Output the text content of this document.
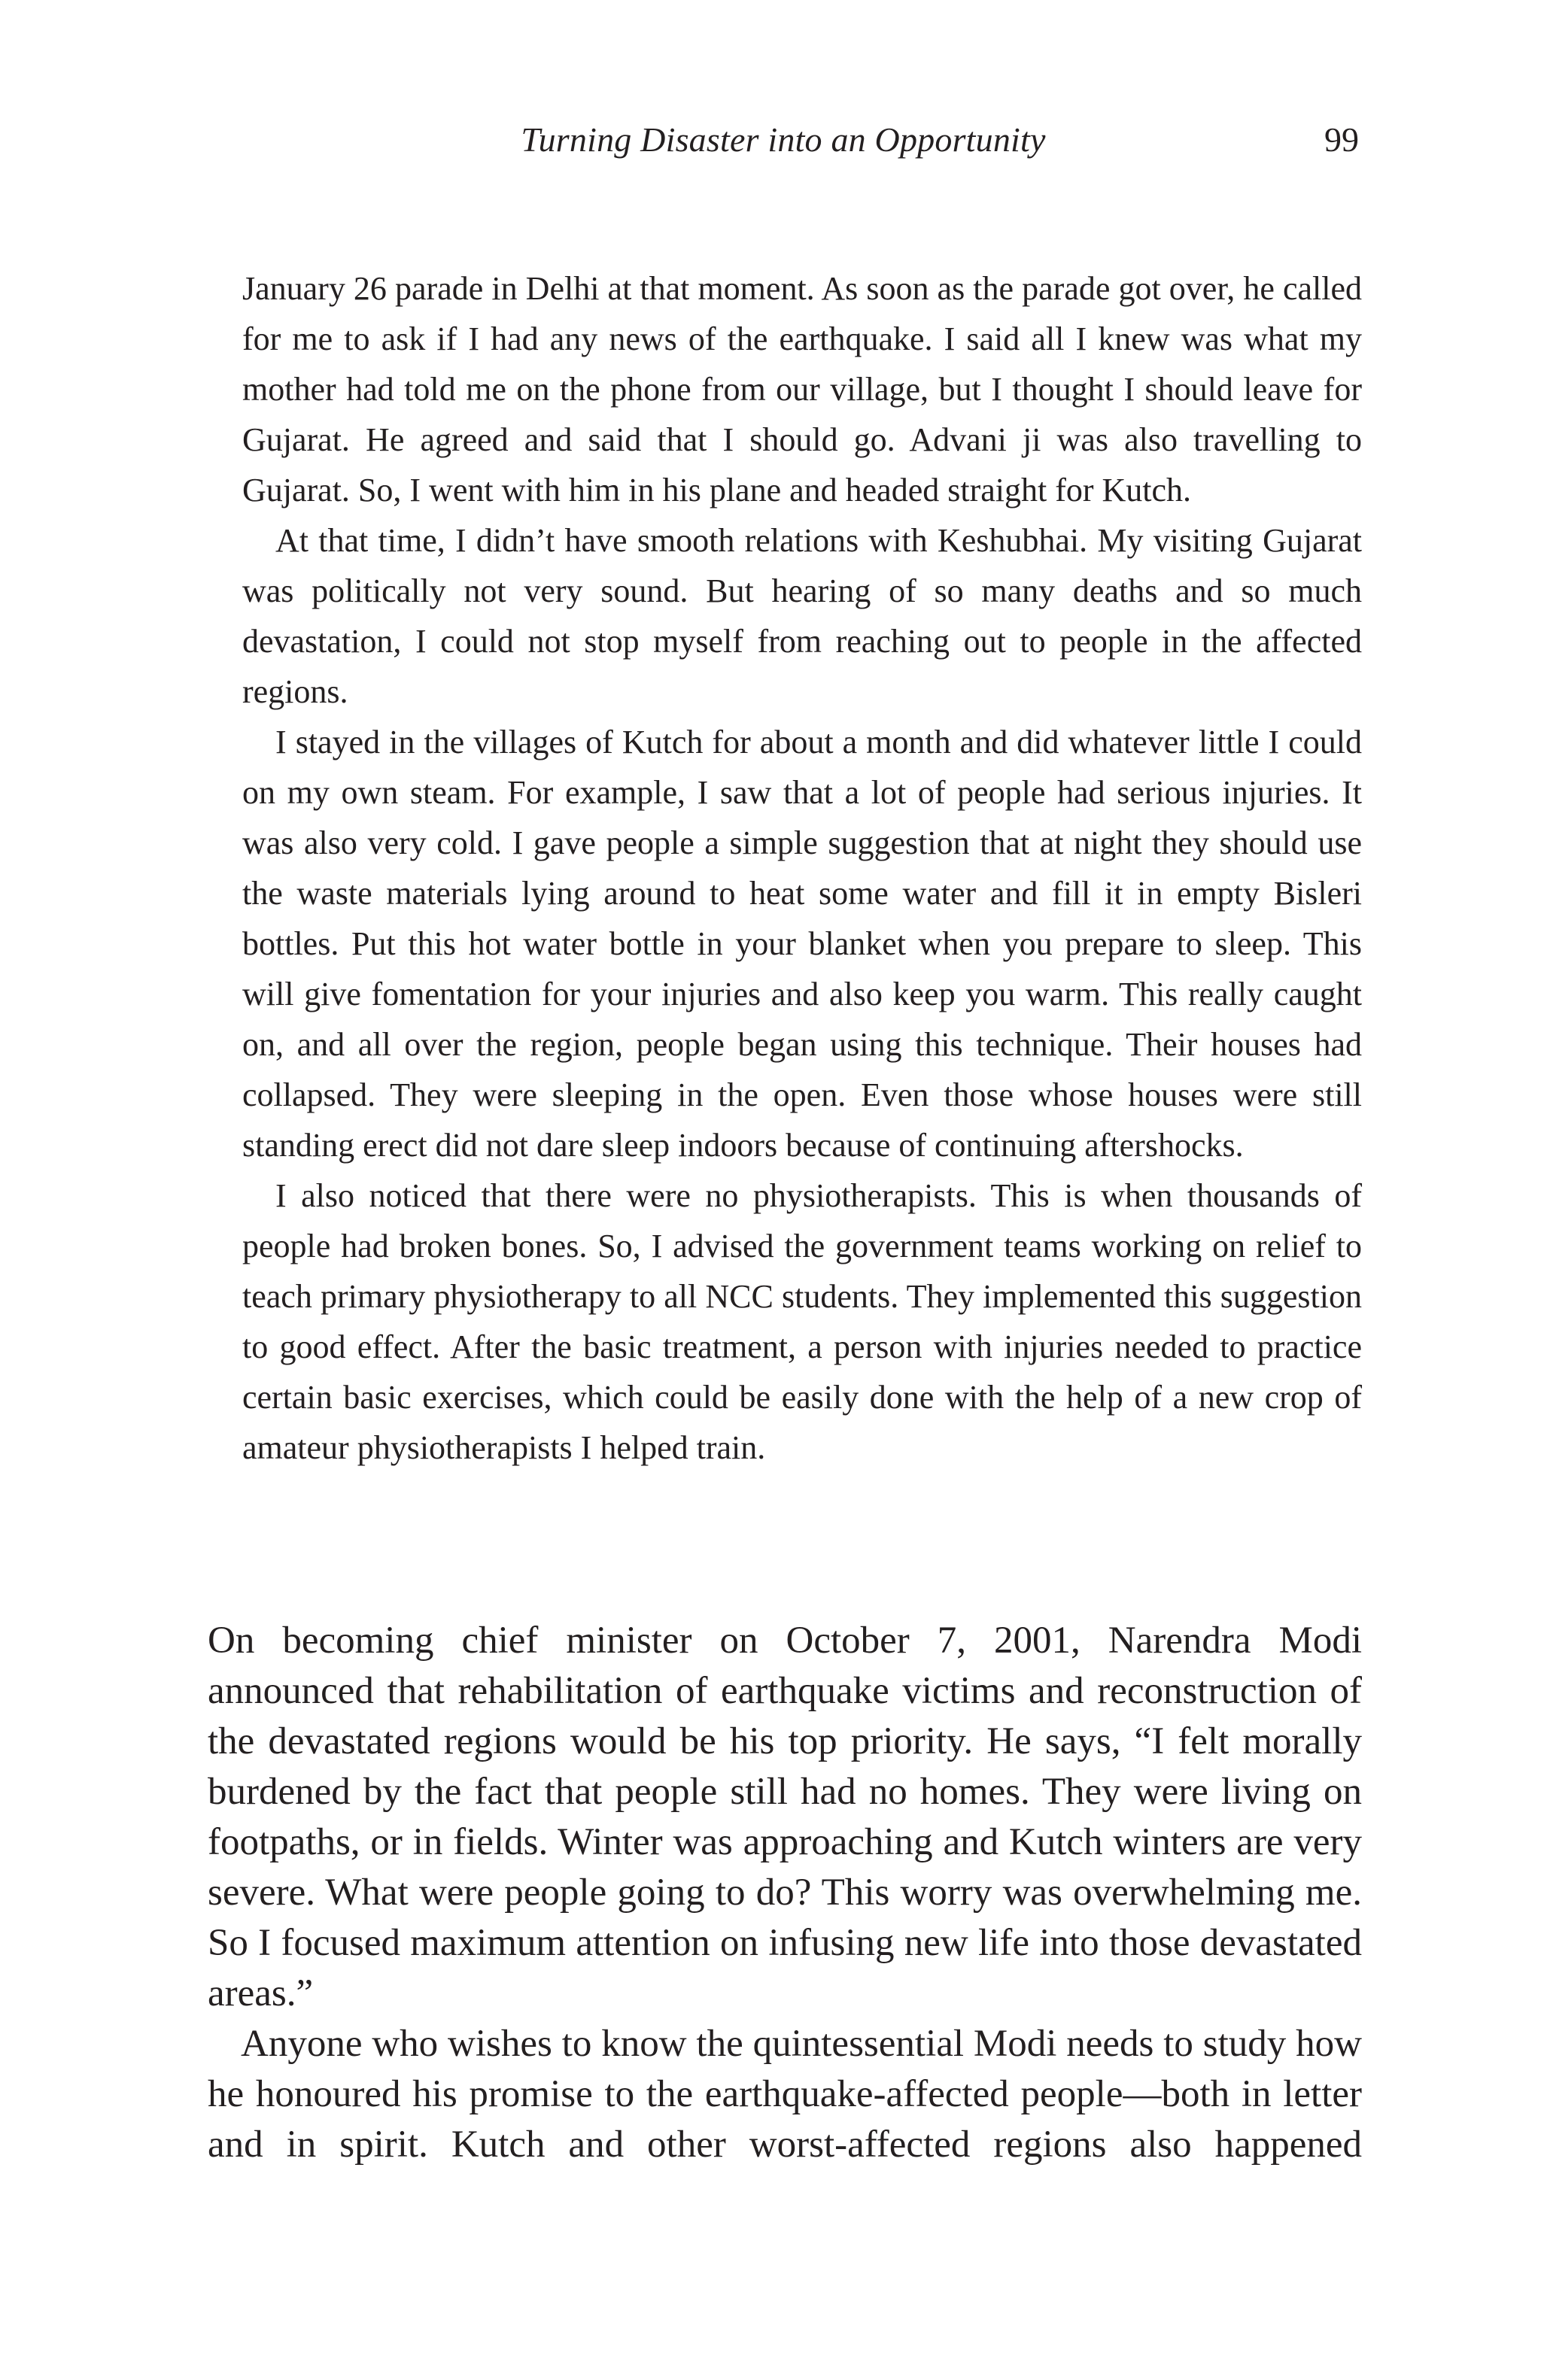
Turning Disaster into an Opportunity	99

January 26 parade in Delhi at that moment. As soon as the parade got over, he called for me to ask if I had any news of the earthquake. I said all I knew was what my mother had told me on the phone from our village, but I thought I should leave for Gujarat. He agreed and said that I should go. Advani ji was also travelling to Gujarat. So, I went with him in his plane and headed straight for Kutch.

At that time, I didn’t have smooth relations with Keshubhai. My visiting Gujarat was politically not very sound. But hearing of so many deaths and so much devastation, I could not stop myself from reaching out to people in the affected regions.

I stayed in the villages of Kutch for about a month and did whatever little I could on my own steam. For example, I saw that a lot of people had serious injuries. It was also very cold. I gave people a simple suggestion that at night they should use the waste materials lying around to heat some water and fill it in empty Bisleri bottles. Put this hot water bottle in your blanket when you prepare to sleep. This will give fomentation for your injuries and also keep you warm. This really caught on, and all over the region, people began using this technique. Their houses had collapsed. They were sleeping in the open. Even those whose houses were still standing erect did not dare sleep indoors because of continuing aftershocks.

I also noticed that there were no physiotherapists. This is when thousands of people had broken bones. So, I advised the government teams working on relief to teach primary physiotherapy to all NCC students. They implemented this suggestion to good effect. After the basic treatment, a person with injuries needed to practice certain basic exercises, which could be easily done with the help of a new crop of amateur physiotherapists I helped train.

On becoming chief minister on October 7, 2001, Narendra Modi announced that rehabilitation of earthquake victims and reconstruction of the devastated regions would be his top priority. He says, “I felt morally burdened by the fact that people still had no homes. They were living on footpaths, or in fields. Winter was approaching and Kutch winters are very severe. What were people going to do? This worry was overwhelming me. So I focused maximum attention on infusing new life into those devastated areas.”

Anyone who wishes to know the quintessential Modi needs to study how he honoured his promise to the earthquake-affected people—both in letter and in spirit. Kutch and other worst-affected regions also happened
